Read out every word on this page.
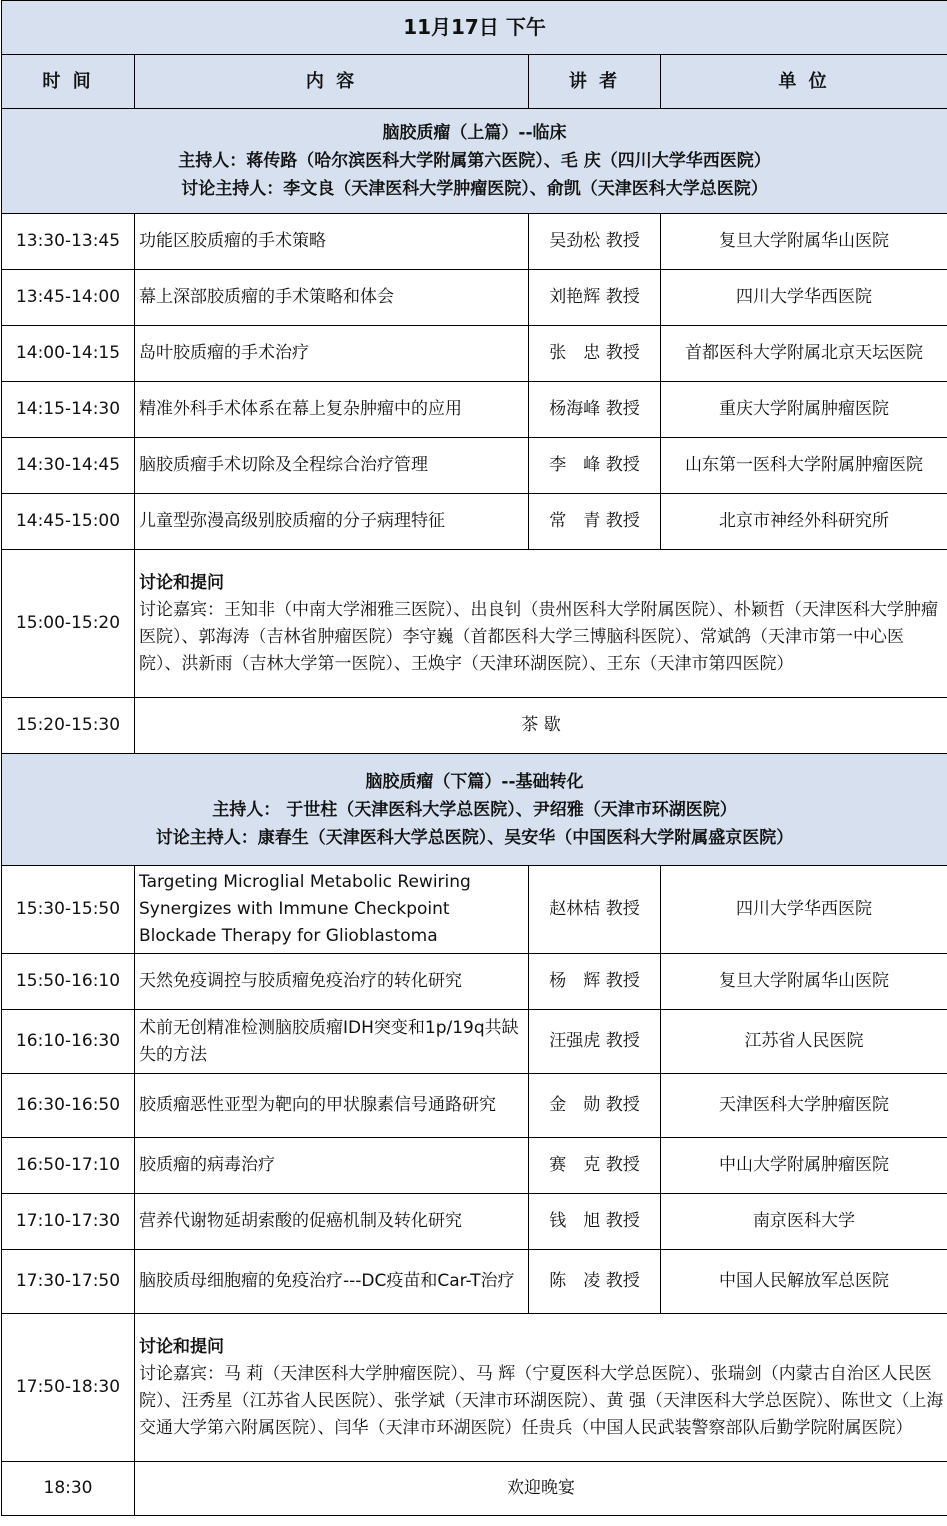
11月17日 下午			
时 间	内 容	讲 者	单 位

脑胶质瘤（上篇）--临床
主持人：蒋传路（哈尔滨医科大学附属第六医院）、毛 庆（四川大学华西医院）
讨论主持人：李文良（天津医科大学肿瘤医院）、俞凯（天津医科大学总医院）			

13:30-13:45	功能区胶质瘤的手术策略	吴劲松 教授	复旦大学附属华山医院
13:45-14:00	幕上深部胶质瘤的手术策略和体会	刘艳辉 教授	四川大学华西医院
14:00-14:15	岛叶胶质瘤的手术治疗	张　忠 教授	首都医科大学附属北京天坛医院
14:15-14:30	精准外科手术体系在幕上复杂肿瘤中的应用	杨海峰 教授	重庆大学附属肿瘤医院
14:30-14:45	脑胶质瘤手术切除及全程综合治疗管理	李　峰 教授	山东第一医科大学附属肿瘤医院
14:45-15:00	儿童型弥漫高级别胶质瘤的分子病理特征	常　青 教授	北京市神经外科研究所
15:00-15:20	讨论和提问
讨论嘉宾：王知非（中南大学湘雅三医院）、出良钊（贵州医科大学附属医院）、朴颖哲（天津医科大学肿瘤医院）、郭海涛（吉林省肿瘤医院）李守巍（首都医科大学三博脑科医院）、常斌鸽（天津市第一中心医院）、洪新雨（吉林大学第一医院）、王焕宇（天津环湖医院）、王东（天津市第四医院）		

15:20-15:30	茶 歇		

脑胶质瘤（下篇）--基础转化
主持人： 于世柱（天津医科大学总医院）、尹绍雅（天津市环湖医院）
讨论主持人：康春生（天津医科大学总医院）、吴安华（中国医科大学附属盛京医院）			

15:30-15:50	Targeting Microglial Metabolic Rewiring Synergizes with Immune Checkpoint Blockade Therapy for Glioblastoma	赵林桔 教授	四川大学华西医院
15:50-16:10	天然免疫调控与胶质瘤免疫治疗的转化研究	杨　辉 教授	复旦大学附属华山医院
16:10-16:30	术前无创精准检测脑胶质瘤IDH突变和1p/19q共缺失的方法	汪强虎 教授	江苏省人民医院
16:30-16:50	胶质瘤恶性亚型为靶向的甲状腺素信号通路研究	金　勋 教授	天津医科大学肿瘤医院
16:50-17:10	胶质瘤的病毒治疗	赛　克 教授	中山大学附属肿瘤医院
17:10-17:30	营养代谢物延胡索酸的促癌机制及转化研究	钱　旭 教授	南京医科大学
17:30-17:50	脑胶质母细胞瘤的免疫治疗---DC疫苗和Car-T治疗	陈　凌 教授	中国人民解放军总医院
17:50-18:30	讨论和提问
讨论嘉宾：马 莉（天津医科大学肿瘤医院）、马 辉（宁夏医科大学总医院）、张瑞剑（内蒙古自治区人民医院）、汪秀星（江苏省人民医院）、张学斌（天津市环湖医院）、黄 强（天津医科大学总医院）、陈世文（上海交通大学第六附属医院）、闫华（天津市环湖医院）任贵兵（中国人民武装警察部队后勤学院附属医院）		

18:30	欢迎晚宴		
